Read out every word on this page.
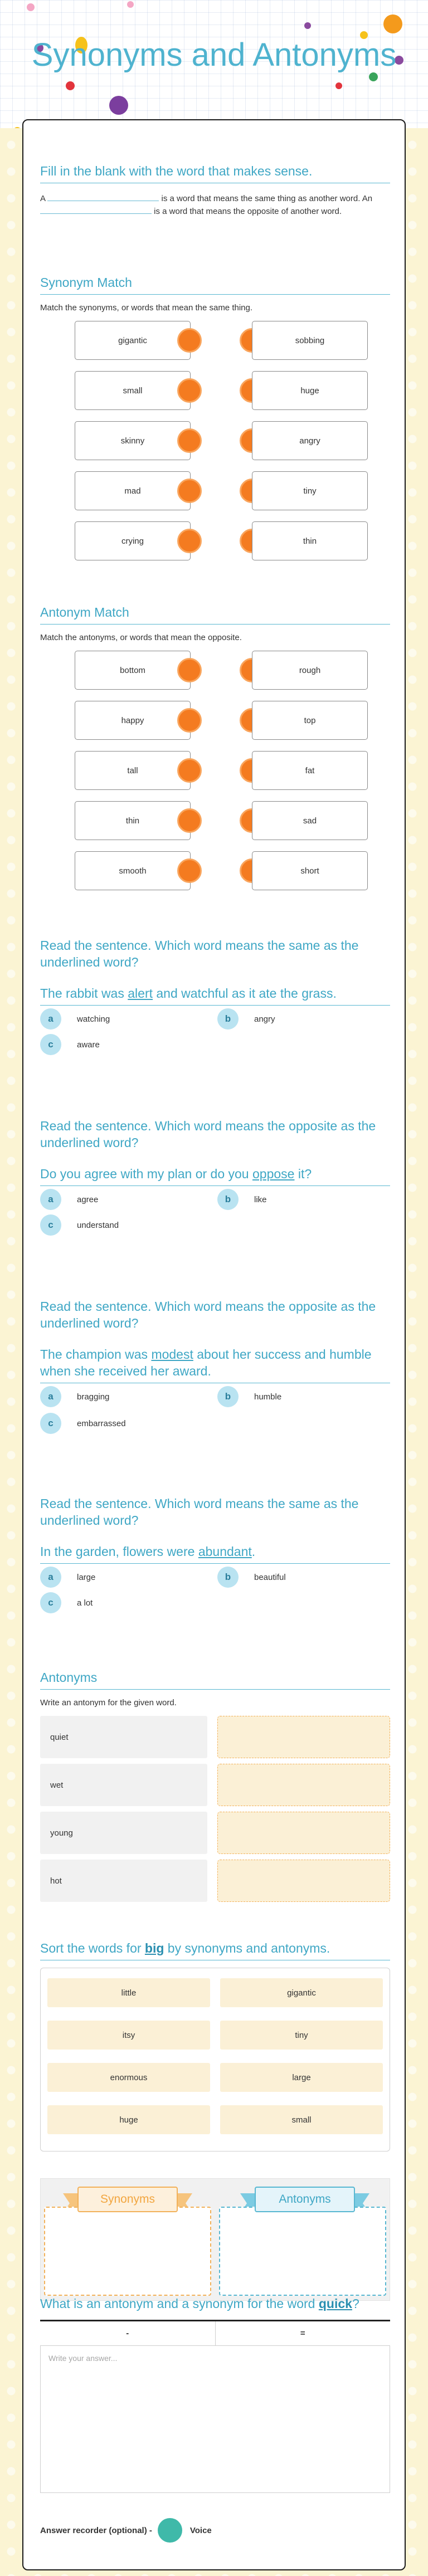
Synonyms and Antonyms
Fill in the blank with the word that makes sense.
A	is a word that means the same thing as another word. An  is a word that means the opposite of another word.
Synonym Match
Match the synonyms, or words that mean the same thing.
gigantic	sobbing
small	huge
skinny	angry
mad	tiny
crying	thin
Antonym Match
Match the antonyms, or words that mean the opposite.
bottom	rough
happy	top
tall	fat
thin	sad
smooth	short
Read the sentence. Which word means the same as the underlined word?
The rabbit was alert and watchful as it ate the grass.
a	watching	b	angry
c	aware
Read the sentence. Which word means the opposite as the underlined word?
Do you agree with my plan or do you oppose it?
a	agree	b	like
c	understand
Read the sentence. Which word means the opposite as the underlined word?
The champion was modest about her success and humble when she received her award.
a	bragging	b	humble
c	embarrassed
Read the sentence. Which word means the same as the underlined word?
In the garden, flowers were abundant.
a	large	b	beautiful
c	a lot
Antonyms
Write an antonym for the given word.
quiet
wet
young
hot
Sort the words for big by synonyms and antonyms.
little	gigantic
itsy	tiny
enormous	large
huge	small
Synonyms	Antonyms
What is an antonym and a synonym for the word quick?
-	=
Write your answer...
Answer recorder (optional) -	Voice
